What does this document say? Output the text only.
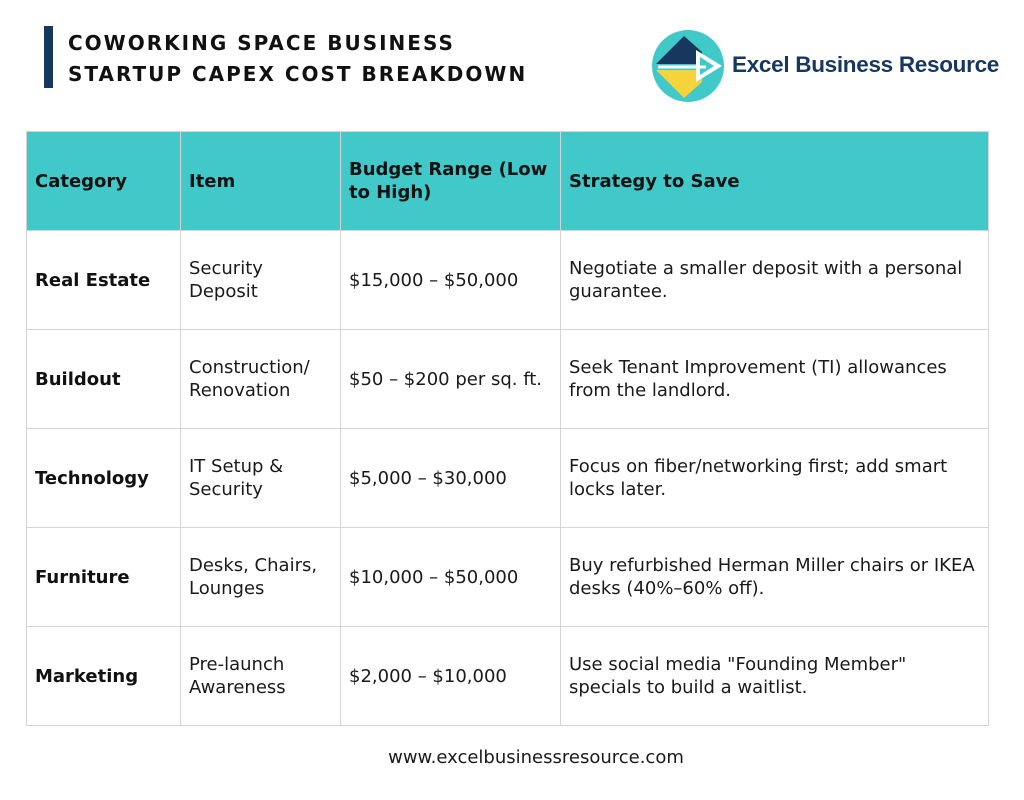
COWORKING SPACE BUSINESS
STARTUP CAPEX COST BREAKDOWN	Excel Business Resource
Category	Item	Budget Range (Low to High)	Strategy to Save
Real Estate	Security Deposit	$15,000 – $50,000	Negotiate a smaller deposit with a personal guarantee.
Buildout	Construction/ Renovation	$50 – $200 per sq. ft.	Seek Tenant Improvement (TI) allowances from the landlord.
Technology	IT Setup & Security	$5,000 – $30,000	Focus on fiber/networking first; add smart locks later.
Furniture	Desks, Chairs, Lounges	$10,000 – $50,000	Buy refurbished Herman Miller chairs or IKEA desks (40%–60% off).
Marketing	Pre-launch Awareness	$2,000 – $10,000	Use social media "Founding Member" specials to build a waitlist.
www.excelbusinessresource.com
